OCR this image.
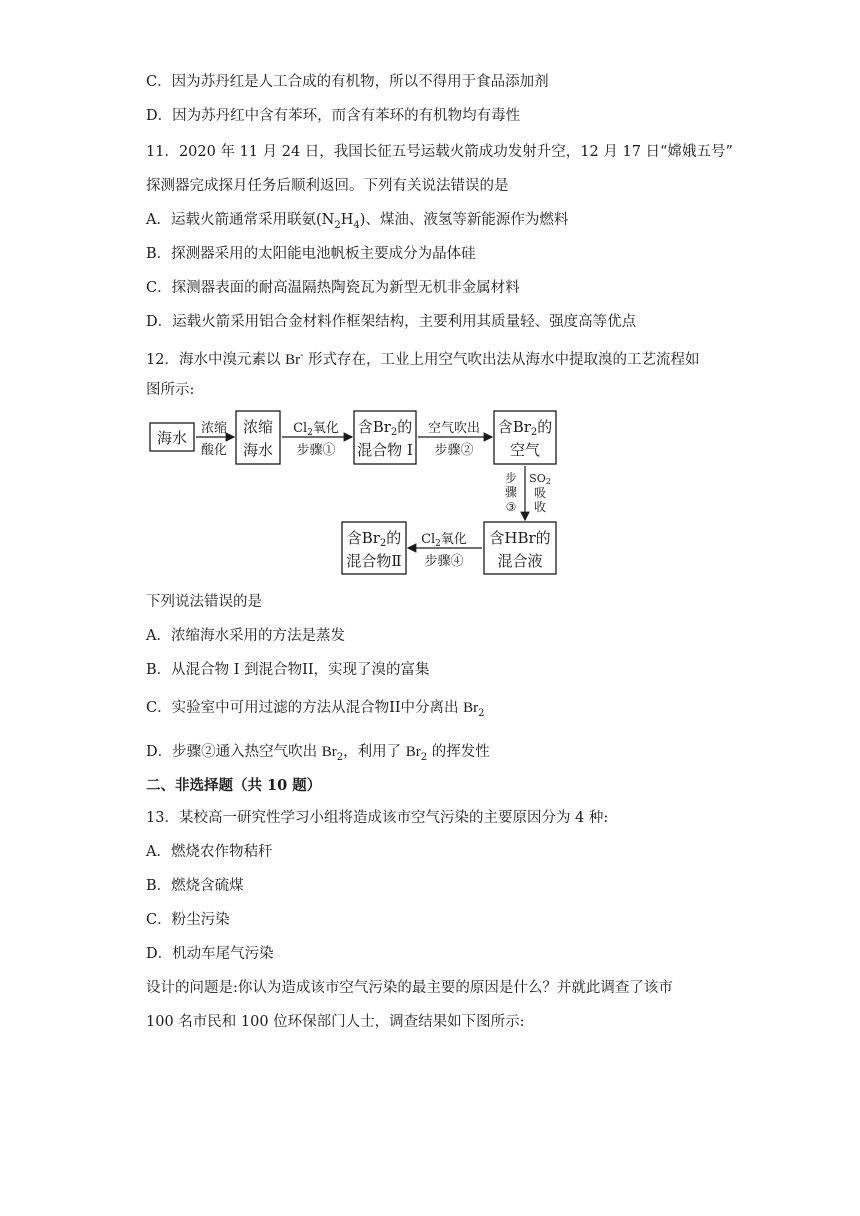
C．因为苏丹红是人工合成的有机物，所以不得用于食品添加剂
D．因为苏丹红中含有苯环，而含有苯环的有机物均有毒性
11．2020 年 11 月 24 日，我国长征五号运载火箭成功发射升空，12 月 17 日“嫦娥五号”
探测器完成探月任务后顺利返回。下列有关说法错误的是
A．运载火箭通常采用联氨$(N_2H_4)$、煤油、液氢等新能源作为燃料
B．探测器采用的太阳能电池帆板主要成分为晶体硅
C．探测器表面的耐高温隔热陶瓷瓦为新型无机非金属材料
D．运载火箭采用铝合金材料作框架结构，主要利用其质量轻、强度高等优点
12．海水中溴元素以 Br- 形式存在，工业上用空气吹出法从海水中提取溴的工艺流程如
图所示:
海水
浓缩
酸化
浓缩
海水
$Cl_2$氧化
步骤①
含$Br_2$的
混合物 I
空气吹出
步骤②
含$Br_2$的
空气
步
骤
③
SO2
吸
收
含HBr的
混合液
$Cl_2$氧化
步骤④
含$Br_2$的
混合物Ⅱ
下列说法错误的是
A．浓缩海水采用的方法是蒸发
B．从混合物 I 到混合物II，实现了溴的富集
C．实验室中可用过滤的方法从混合物II中分离出 $Br_2$
D．步骤②通入热空气吹出 $Br_2$，利用了 $Br_2$ 的挥发性
二、非选择题（共 10 题）
13．某校高一研究性学习小组将造成该市空气污染的主要原因分为 4 种:
A．燃烧农作物秸秆
B．燃烧含硫煤
C．粉尘污染
D．机动车尾气污染
设计的问题是:你认为造成该市空气污染的最主要的原因是什么？并就此调查了该市
100 名市民和 100 位环保部门人士，调查结果如下图所示:
